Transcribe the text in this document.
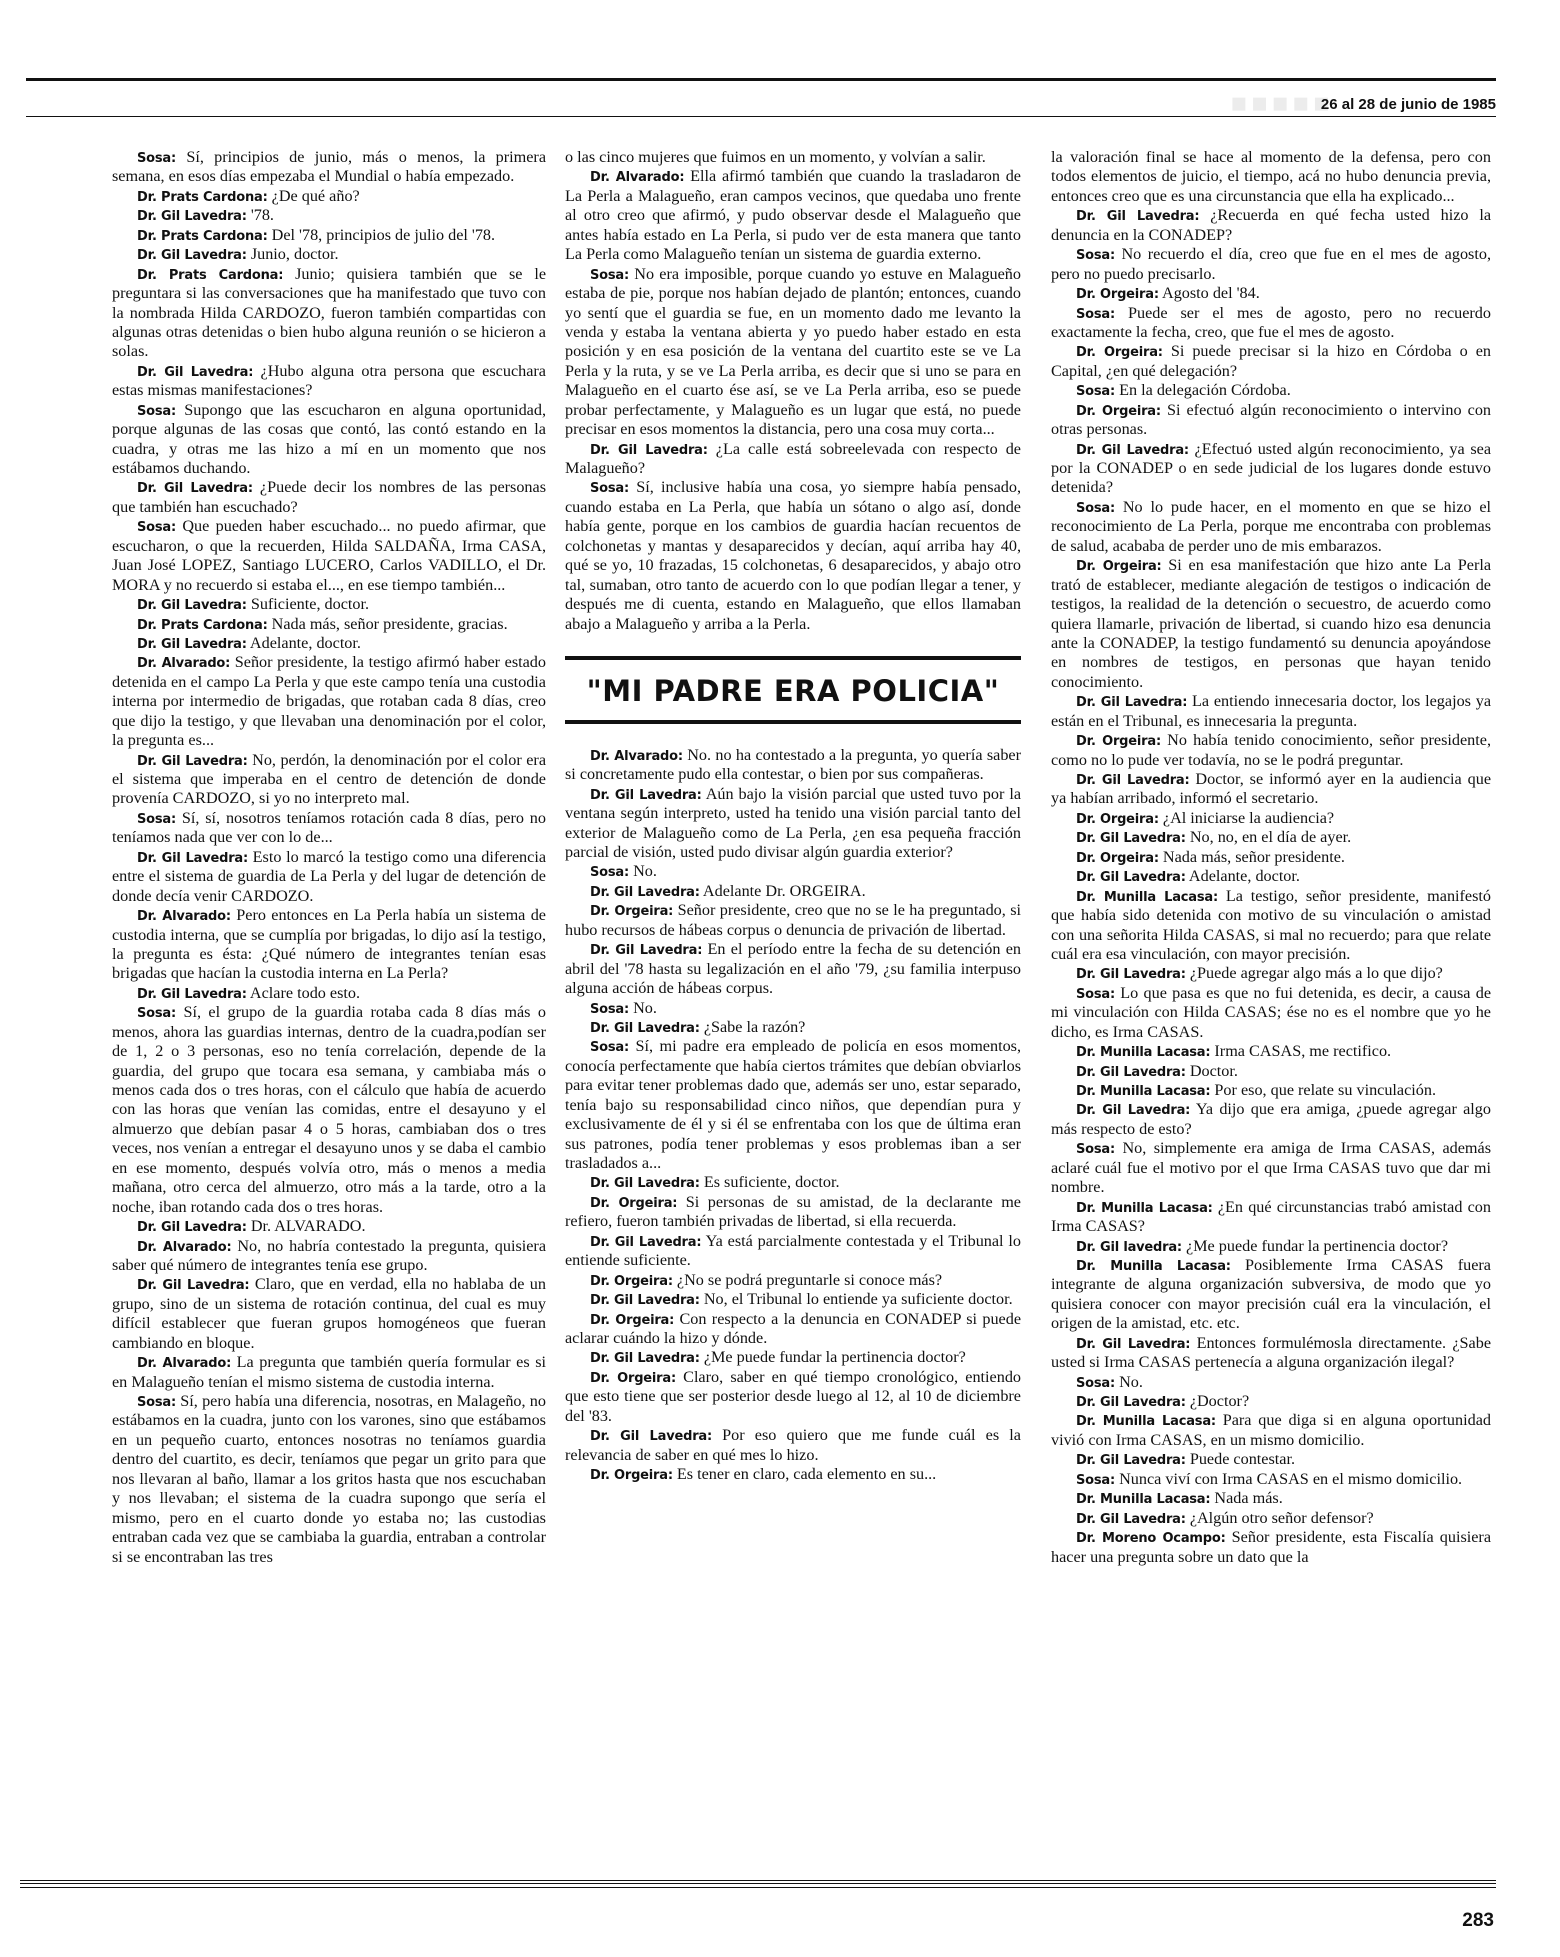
▪▪▪▪▪
26 al 28 de junio de 1985

Sosa: Sí, principios de junio, más o menos, la primera semana, en esos días empezaba el Mundial o había empezado.

Dr. Prats Cardona: ¿De qué año?

Dr. Gil Lavedra: '78.

Dr. Prats Cardona: Del '78, principios de julio del '78.

Dr. Gil Lavedra: Junio, doctor.

Dr. Prats Cardona: Junio; quisiera también que se le preguntara si las conversaciones que ha manifestado que tuvo con la nombrada Hilda CARDOZO, fueron también compartidas con algunas otras detenidas o bien hubo alguna reunión o se hicieron a solas.

Dr. Gil Lavedra: ¿Hubo alguna otra persona que escuchara estas mismas manifestaciones?

Sosa: Supongo que las escucharon en alguna oportunidad, porque algunas de las cosas que contó, las contó estando en la cuadra, y otras me las hizo a mí en un momento que nos estábamos duchando.

Dr. Gil Lavedra: ¿Puede decir los nombres de las personas que también han escuchado?

Sosa: Que pueden haber escuchado... no puedo afirmar, que escucharon, o que la recuerden, Hilda SALDAÑA, Irma CASA, Juan José LOPEZ, Santiago LUCERO, Carlos VADILLO, el Dr. MORA y no recuerdo si estaba el..., en ese tiempo también...

Dr. Gil Lavedra: Suficiente, doctor.

Dr. Prats Cardona: Nada más, señor presidente, gracias.

Dr. Gil Lavedra: Adelante, doctor.

Dr. Alvarado: Señor presidente, la testigo afirmó haber estado detenida en el campo La Perla y que este campo tenía una custodia interna por intermedio de brigadas, que rotaban cada 8 días, creo que dijo la testigo, y que llevaban una denominación por el color, la pregunta es...

Dr. Gil Lavedra: No, perdón, la denominación por el color era el sistema que imperaba en el centro de detención de donde provenía CARDOZO, si yo no interpreto mal.

Sosa: Sí, sí, nosotros teníamos rotación cada 8 días, pero no teníamos nada que ver con lo de...

Dr. Gil Lavedra: Esto lo marcó la testigo como una diferencia entre el sistema de guardia de La Perla y del lugar de detención de donde decía venir CARDOZO.

Dr. Alvarado: Pero entonces en La Perla había un sistema de custodia interna, que se cumplía por brigadas, lo dijo así la testigo, la pregunta es ésta: ¿Qué número de integrantes tenían esas brigadas que hacían la custodia interna en La Perla?

Dr. Gil Lavedra: Aclare todo esto.

Sosa: Sí, el grupo de la guardia rotaba cada 8 días más o menos, ahora las guardias internas, dentro de la cuadra,podían ser de 1, 2 o 3 personas, eso no tenía correlación, depende de la guardia, del grupo que tocara esa semana, y cambiaba más o menos cada dos o tres horas, con el cálculo que había de acuerdo con las horas que venían las comidas, entre el desayuno y el almuerzo que debían pasar 4 o 5 horas, cambiaban dos o tres veces, nos venían a entregar el desayuno unos y se daba el cambio en ese momento, después volvía otro, más o menos a media mañana, otro cerca del almuerzo, otro más a la tarde, otro a la noche, iban rotando cada dos o tres horas.

Dr. Gil Lavedra: Dr. ALVARADO.

Dr. Alvarado: No, no habría contestado la pregunta, quisiera saber qué número de integrantes tenía ese grupo.

Dr. Gil Lavedra: Claro, que en verdad, ella no hablaba de un grupo, sino de un sistema de rotación continua, del cual es muy difícil establecer que fueran grupos homogéneos que fueran cambiando en bloque.

Dr. Alvarado: La pregunta que también quería formular es si en Malagueño tenían el mismo sistema de custodia interna.

Sosa: Sí, pero había una diferencia, nosotras, en Malageño, no estábamos en la cuadra, junto con los varones, sino que estábamos en un pequeño cuarto, entonces nosotras no teníamos guardia dentro del cuartito, es decir, teníamos que pegar un grito para que nos llevaran al baño, llamar a los gritos hasta que nos escuchaban y nos llevaban; el sistema de la cuadra supongo que sería el mismo, pero en el cuarto donde yo estaba no; las custodias entraban cada vez que se cambiaba la guardia, entraban a controlar si se encontraban las tres

o las cinco mujeres que fuimos en un momento, y volvían a salir.

Dr. Alvarado: Ella afirmó también que cuando la trasladaron de La Perla a Malagueño, eran campos vecinos, que quedaba uno frente al otro creo que afirmó, y pudo observar desde el Malagueño que antes había estado en La Perla, si pudo ver de esta manera que tanto La Perla como Malagueño tenían un sistema de guardia externo.

Sosa: No era imposible, porque cuando yo estuve en Malagueño estaba de pie, porque nos habían dejado de plantón; entonces, cuando yo sentí que el guardia se fue, en un momento dado me levanto la venda y estaba la ventana abierta y yo puedo haber estado en esta posición y en esa posición de la ventana del cuartito este se ve La Perla y la ruta, y se ve La Perla arriba, es decir que si uno se para en Malagueño en el cuarto ése así, se ve La Perla arriba, eso se puede probar perfectamente, y Malagueño es un lugar que está, no puede precisar en esos momentos la distancia, pero una cosa muy corta...

Dr. Gil Lavedra: ¿La calle está sobreelevada con respecto de Malagueño?

Sosa: Sí, inclusive había una cosa, yo siempre había pensado, cuando estaba en La Perla, que había un sótano o algo así, donde había gente, porque en los cambios de guardia hacían recuentos de colchonetas y mantas y desaparecidos y decían, aquí arriba hay 40, qué se yo, 10 frazadas, 15 colchonetas, 6 desaparecidos, y abajo otro tal, sumaban, otro tanto de acuerdo con lo que podían llegar a tener, y después me di cuenta, estando en Malagueño, que ellos llamaban abajo a Malagueño y arriba a la Perla.

"MI PADRE ERA POLICIA"

Dr. Alvarado: No. no ha contestado a la pregunta, yo quería saber si concretamente pudo ella contestar, o bien por sus compañeras.

Dr. Gil Lavedra: Aún bajo la visión parcial que usted tuvo por la ventana según interpreto, usted ha tenido una visión parcial tanto del exterior de Malagueño como de La Perla, ¿en esa pequeña fracción parcial de visión, usted pudo divisar algún guardia exterior?

Sosa: No.

Dr. Gil Lavedra: Adelante Dr. ORGEIRA.

Dr. Orgeira: Señor presidente, creo que no se le ha preguntado, si hubo recursos de hábeas corpus o denuncia de privación de libertad.

Dr. Gil Lavedra: En el período entre la fecha de su detención en abril del '78 hasta su legalización en el año '79, ¿su familia interpuso alguna acción de hábeas corpus.

Sosa: No.

Dr. Gil Lavedra: ¿Sabe la razón?

Sosa: Sí, mi padre era empleado de policía en esos momentos, conocía perfectamente que había ciertos trámites que debían obviarlos para evitar tener problemas dado que, además ser uno, estar separado, tenía bajo su responsabilidad cinco niños, que dependían pura y exclusivamente de él y si él se enfrentaba con los que de última eran sus patrones, podía tener problemas y esos problemas iban a ser trasladados a...

Dr. Gil Lavedra: Es suficiente, doctor.

Dr. Orgeira: Si personas de su amistad, de la declarante me refiero, fueron también privadas de libertad, si ella recuerda.

Dr. Gil Lavedra: Ya está parcialmente contestada y el Tribunal lo entiende suficiente.

Dr. Orgeira: ¿No se podrá preguntarle si conoce más?

Dr. Gil Lavedra: No, el Tribunal lo entiende ya suficiente doctor.

Dr. Orgeira: Con respecto a la denuncia en CONADEP si puede aclarar cuándo la hizo y dónde.

Dr. Gil Lavedra: ¿Me puede fundar la pertinencia doctor?

Dr. Orgeira: Claro, saber en qué tiempo cronológico, entiendo que esto tiene que ser posterior desde luego al 12, al 10 de diciembre del '83.

Dr. Gil Lavedra: Por eso quiero que me funde cuál es la relevancia de saber en qué mes lo hizo.

Dr. Orgeira: Es tener en claro, cada elemento en su...

la valoración final se hace al momento de la defensa, pero con todos elementos de juicio, el tiempo, acá no hubo denuncia previa, entonces creo que es una circunstancia que ella ha explicado...

Dr. Gil Lavedra: ¿Recuerda en qué fecha usted hizo la denuncia en la CONADEP?

Sosa: No recuerdo el día, creo que fue en el mes de agosto, pero no puedo precisarlo.

Dr. Orgeira: Agosto del '84.

Sosa: Puede ser el mes de agosto, pero no recuerdo exactamente la fecha, creo, que fue el mes de agosto.

Dr. Orgeira: Si puede precisar si la hizo en Córdoba o en Capital, ¿en qué delegación?

Sosa: En la delegación Córdoba.

Dr. Orgeira: Si efectuó algún reconocimiento o intervino con otras personas.

Dr. Gil Lavedra: ¿Efectuó usted algún reconocimiento, ya sea por la CONADEP o en sede judicial de los lugares donde estuvo detenida?

Sosa: No lo pude hacer, en el momento en que se hizo el reconocimiento de La Perla, porque me encontraba con problemas de salud, acababa de perder uno de mis embarazos.

Dr. Orgeira: Si en esa manifestación que hizo ante La Perla trató de establecer, mediante alegación de testigos o indicación de testigos, la realidad de la detención o secuestro, de acuerdo como quiera llamarle, privación de libertad, si cuando hizo esa denuncia ante la CONADEP, la testigo fundamentó su denuncia apoyándose en nombres de testigos, en personas que hayan tenido conocimiento.

Dr. Gil Lavedra: La entiendo innecesaria doctor, los legajos ya están en el Tribunal, es innecesaria la pregunta.

Dr. Orgeira: No había tenido conocimiento, señor presidente, como no lo pude ver todavía, no se le podrá preguntar.

Dr. Gil Lavedra: Doctor, se informó ayer en la audiencia que ya habían arribado, informó el secretario.

Dr. Orgeira: ¿Al iniciarse la audiencia?

Dr. Gil Lavedra: No, no, en el día de ayer.

Dr. Orgeira: Nada más, señor presidente.

Dr. Gil Lavedra: Adelante, doctor.

Dr. Munilla Lacasa: La testigo, señor presidente, manifestó que había sido detenida con motivo de su vinculación o amistad con una señorita Hilda CASAS, si mal no recuerdo; para que relate cuál era esa vinculación, con mayor precisión.

Dr. Gil Lavedra: ¿Puede agregar algo más a lo que dijo?

Sosa: Lo que pasa es que no fui detenida, es decir, a causa de mi vinculación con Hilda CASAS; ése no es el nombre que yo he dicho, es Irma CASAS.

Dr. Munilla Lacasa: Irma CASAS, me rectifico.

Dr. Gil Lavedra: Doctor.

Dr. Munilla Lacasa: Por eso, que relate su vinculación.

Dr. Gil Lavedra: Ya dijo que era amiga, ¿puede agregar algo más respecto de esto?

Sosa: No, simplemente era amiga de Irma CASAS, además aclaré cuál fue el motivo por el que Irma CASAS tuvo que dar mi nombre.

Dr. Munilla Lacasa: ¿En qué circunstancias trabó amistad con Irma CASAS?

Dr. Gil lavedra: ¿Me puede fundar la pertinencia doctor?

Dr. Munilla Lacasa: Posiblemente Irma CASAS fuera integrante de alguna organización subversiva, de modo que yo quisiera conocer con mayor precisión cuál era la vinculación, el origen de la amistad, etc. etc.

Dr. Gil Lavedra: Entonces formulémosla directamente. ¿Sabe usted si Irma CASAS pertenecía a alguna organización ilegal?

Sosa: No.

Dr. Gil Lavedra: ¿Doctor?

Dr. Munilla Lacasa: Para que diga si en alguna oportunidad vivió con Irma CASAS, en un mismo domicilio.

Dr. Gil Lavedra: Puede contestar.

Sosa: Nunca viví con Irma CASAS en el mismo domicilio.

Dr. Munilla Lacasa: Nada más.

Dr. Gil Lavedra: ¿Algún otro señor defensor?

Dr. Moreno Ocampo: Señor presidente, esta Fiscalía quisiera hacer una pregunta sobre un dato que la

283
